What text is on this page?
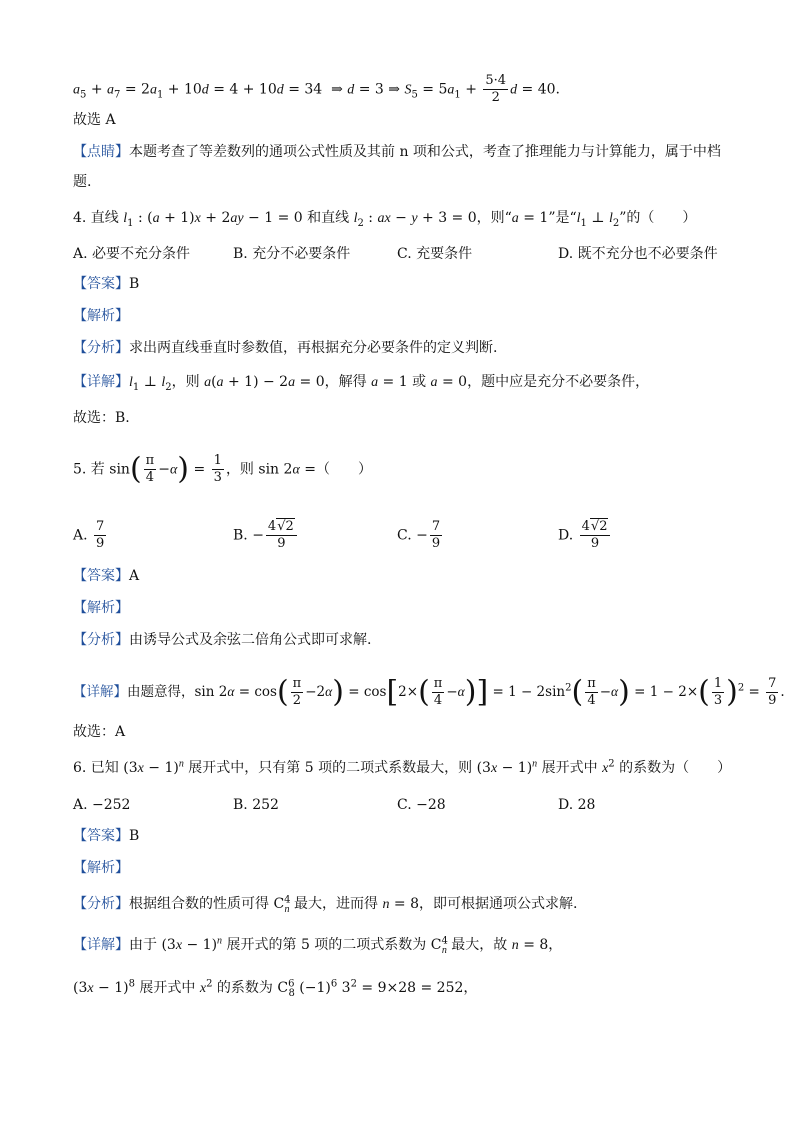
$a_5 + a_7 = 2a_1 + 10d = 4 + 10d = 34$  ⇒ d = 3 ⇒ $S_5 = 5a_1 + \frac{5\cdot 4}{2}$ d = 40.
故选 A
【点睛】本题考查了等差数列的通项公式性质及其前 n 项和公式，考查了推理能力与计算能力，属于中档
题.
4. 直线 $l_1$ : (a + 1)x + 2ay − 1 = 0 和直线 $l_2$ : ax − y + 3 = 0，则“a = 1”是“$l_1$ ⊥ $l_2$”的（　　）
A. 必要不充分条件	B. 充分不必要条件	C. 充要条件	D. 既不充分也不必要条件
【答案】B
【解析】
【分析】求出两直线垂直时参数值，再根据充分必要条件的定义判断.
【详解】$l_1$ ⊥ $l_2$，则 a(a + 1) − 2a = 0，解得 a = 1 或 a = 0，题中应是充分不必要条件，
故选：B.
5. 若 $\sin( \frac{\pi}{4} -\alpha) = \frac{1}{3}$ ，则 sin 2α =（　　）
A. $\frac{7}{9}$	B. − $\frac{4√2}{9}$	C. − $\frac{7}{9}$	D. $\frac{4√2}{9}$
【答案】A
【解析】
【分析】由诱导公式及余弦二倍角公式即可求解.
【详解】由题意得，$\sin 2\alpha = \cos( \frac{\pi}{2} -2\alpha) = \cos[2\times( \frac{\pi}{4} -\alpha)] = 1 - 2\sin^2( \frac{\pi}{4} -\alpha) = 1 - 2\times( \frac{1}{3} )^2 = \frac{7}{9}$ .
故选：A
6. 已知 $(3x - 1)^n$ 展开式中，只有第 5 项的二项式系数最大，则 $(3x - 1)^n$ 展开式中 $x^2$ 的系数为（　　）
A. −252	B. 252	C. −28	D. 28
【答案】B
【解析】
【分析】根据组合数的性质可得 $C^4_n$ 最大，进而得 n = 8，即可根据通项公式求解.
【详解】由于 $(3x - 1)^n$ 展开式的第 5 项的二项式系数为 $C^4_n$ 最大，故 n = 8，
$(3x - 1)^8$ 展开式中 $x^2$ 的系数为 $C^6_8$ $(-1)^6$ $3^2 = 9\times 28 = 252$，
